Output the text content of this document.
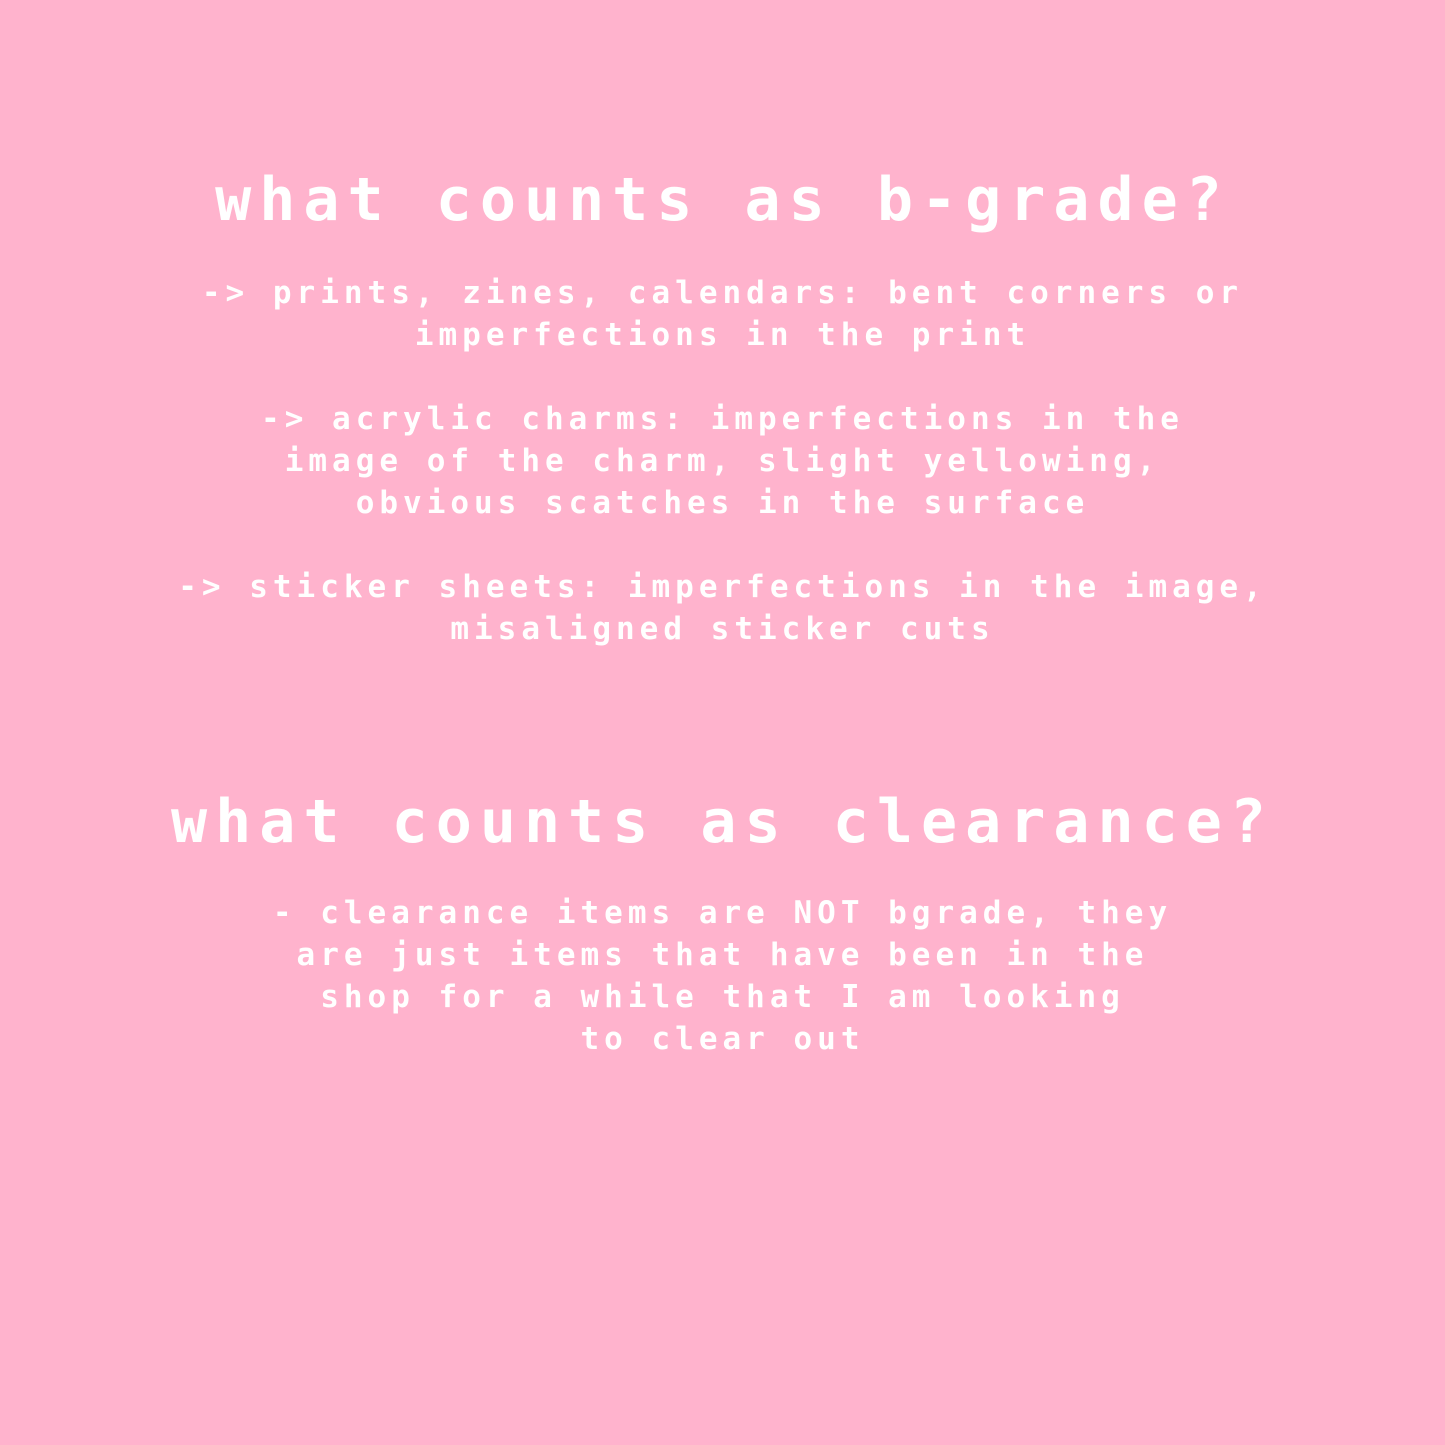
what counts as b-grade?

-> prints, zines, calendars: bent corners or
imperfections in the print

-> acrylic charms: imperfections in the
image of the charm, slight yellowing,
obvious scatches in the surface

-> sticker sheets: imperfections in the image,
misaligned sticker cuts

what counts as clearance?

- clearance items are NOT bgrade, they
are just items that have been in the
shop for a while that I am looking
to clear out
